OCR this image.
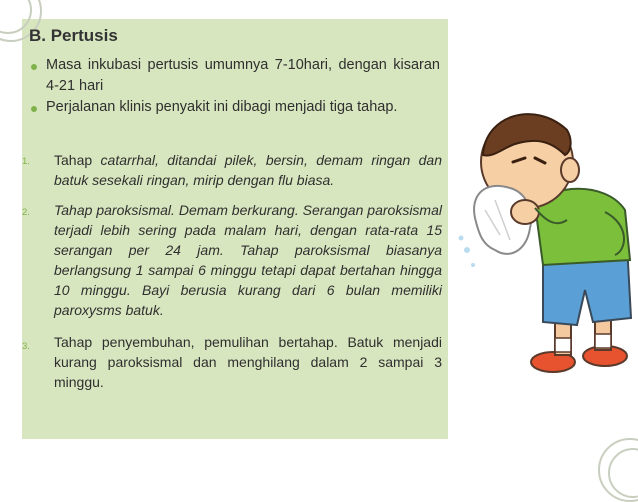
B. Pertusis
Masa inkubasi pertusis umumnya 7-10hari, dengan kisaran 4-21 hari
Perjalanan klinis penyakit ini dibagi menjadi tiga tahap.
1. Tahap catarrhal, ditandai pilek, bersin, demam ringan dan batuk sesekali ringan, mirip dengan flu biasa.
2. Tahap paroksismal. Demam berkurang. Serangan paroksismal terjadi lebih sering pada malam hari, dengan rata-rata 15 serangan per 24 jam. Tahap paroksismal biasanya berlangsung 1 sampai 6 minggu tetapi dapat bertahan hingga 10 minggu. Bayi berusia kurang dari 6 bulan memiliki paroxysms batuk.
3. Tahap penyembuhan, pemulihan bertahap. Batuk menjadi kurang paroksismal dan menghilang dalam 2 sampai 3 minggu.
